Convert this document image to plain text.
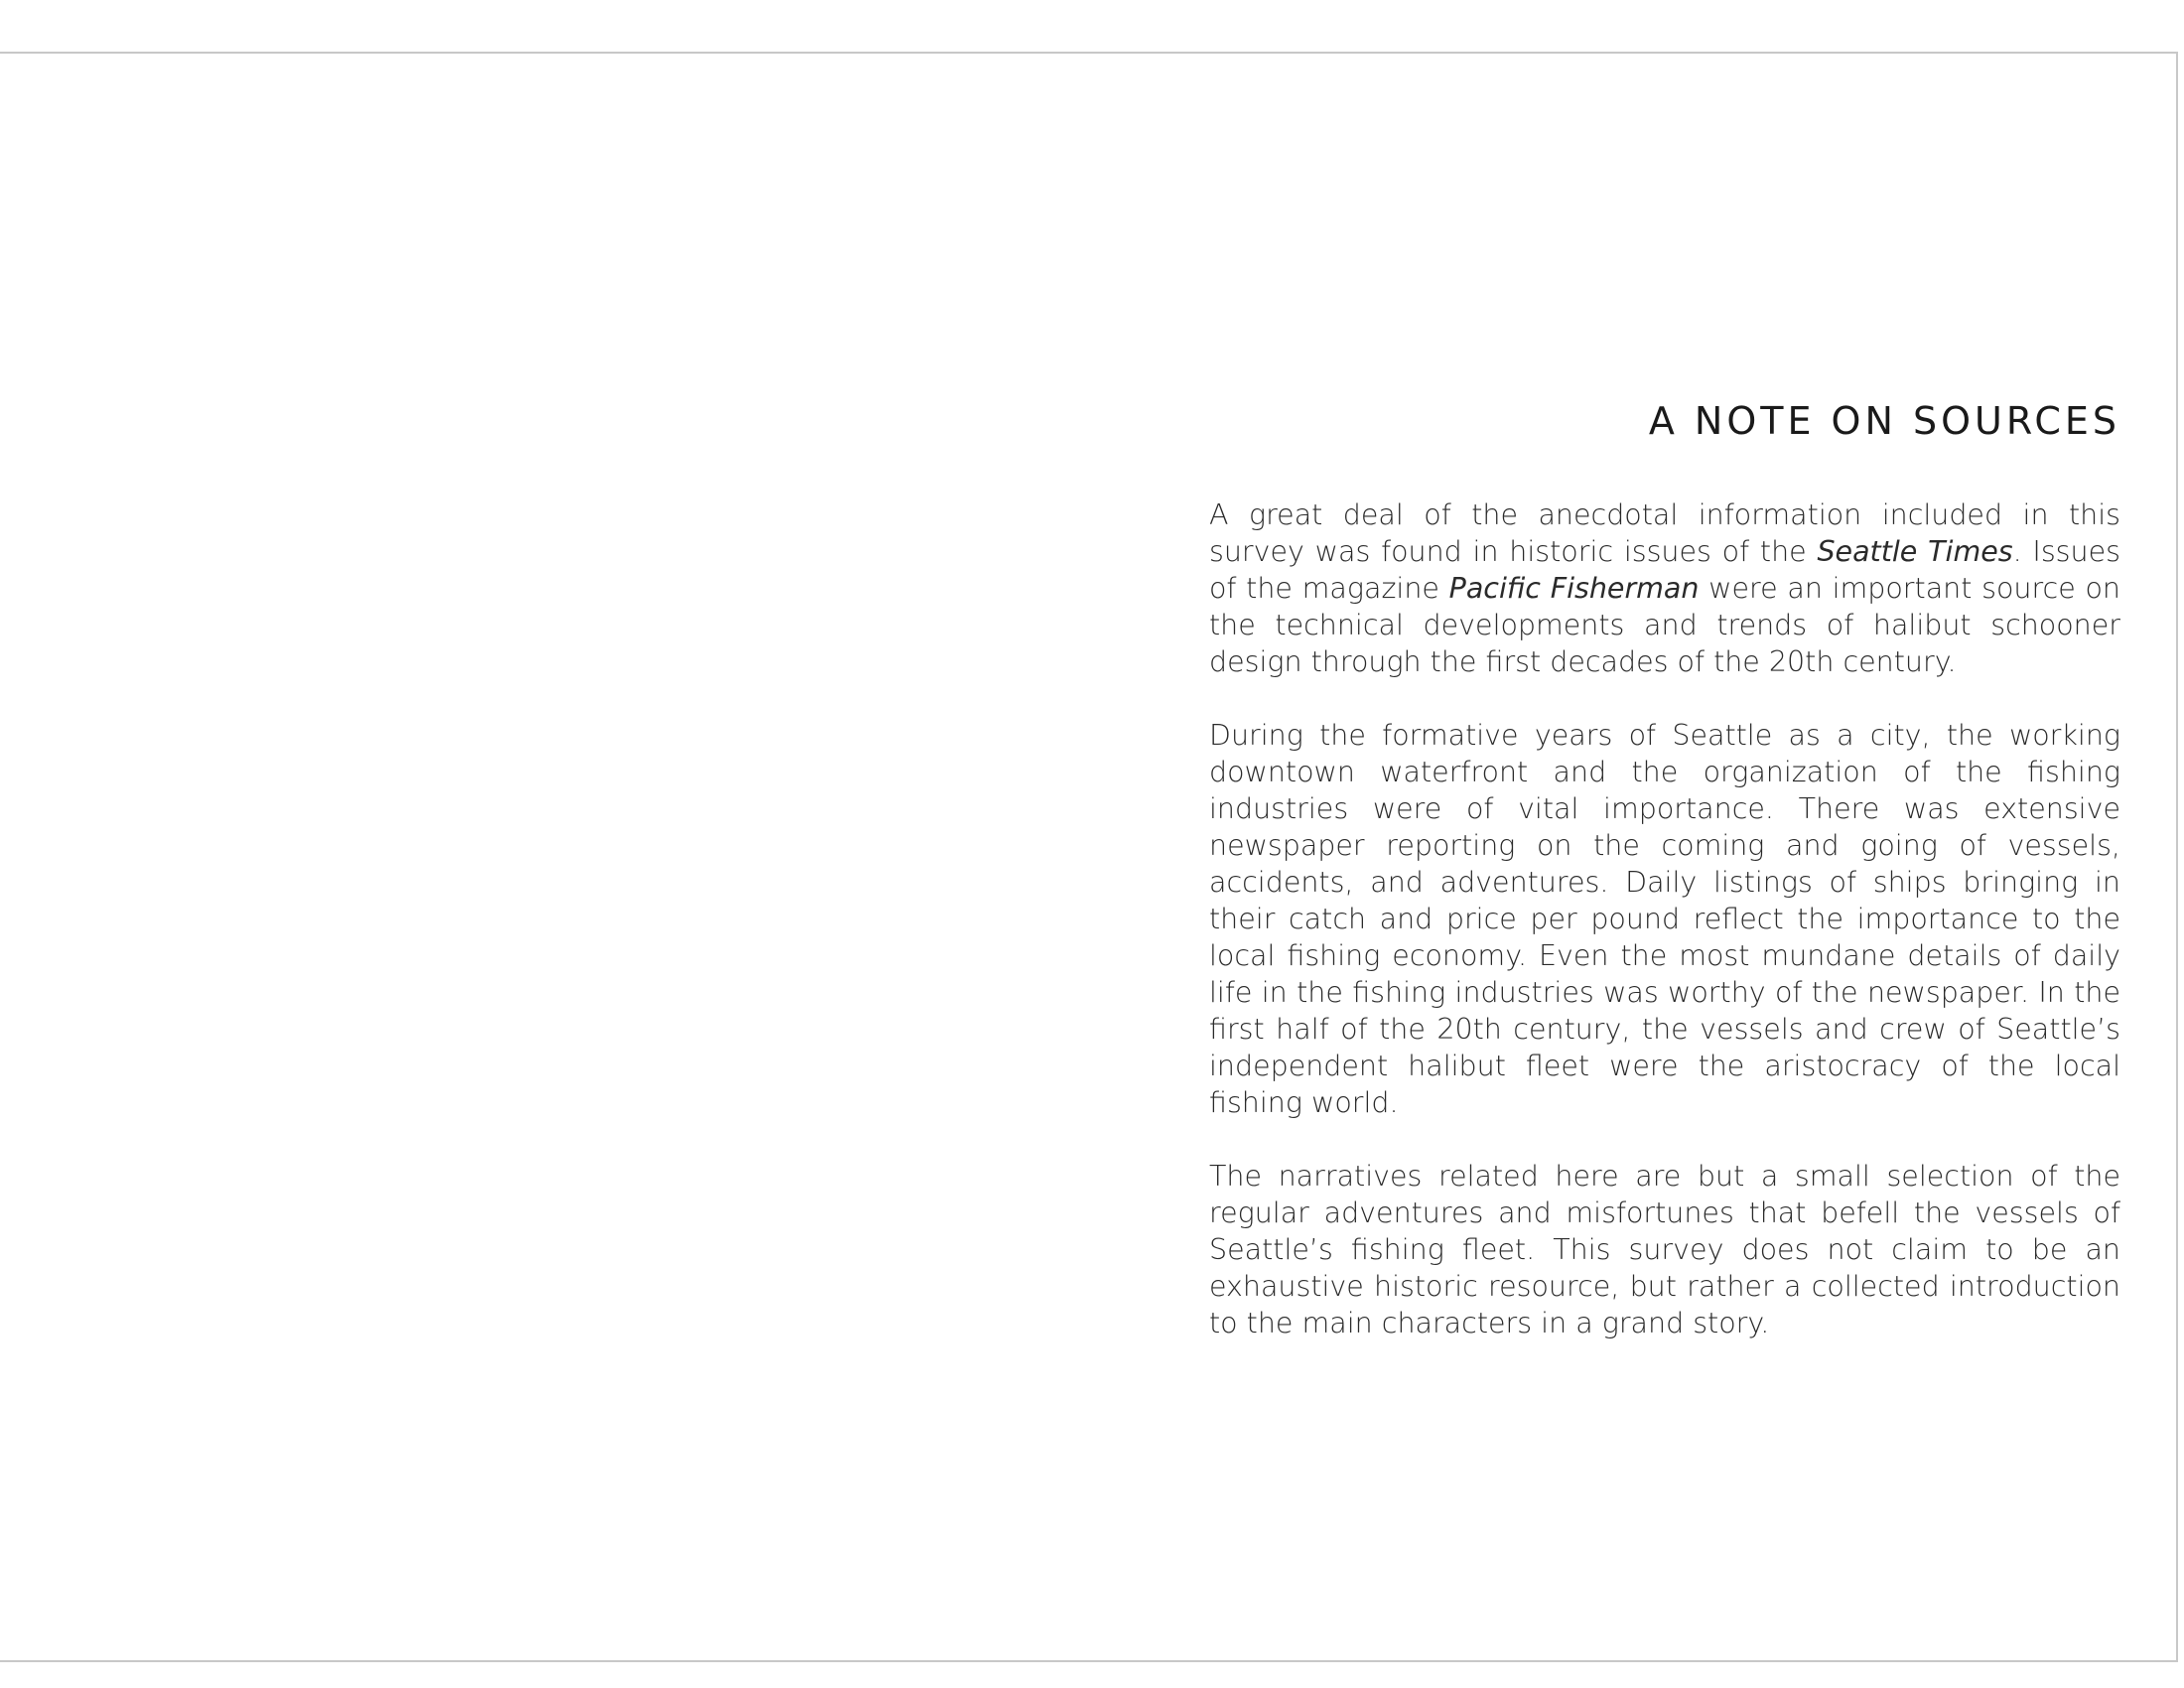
A NOTE ON SOURCES

A great deal of the anecdotal information included in this survey was found in historic issues of the Seattle Times. Issues of the magazine Pacific Fisherman were an important source on the technical developments and trends of halibut schooner design through the first decades of the 20th century.

During the formative years of Seattle as a city, the working downtown waterfront and the organization of the fishing industries were of vital importance. There was extensive newspaper reporting on the coming and going of vessels, accidents, and adventures. Daily listings of ships bringing in their catch and price per pound reflect the importance to the local fishing economy. Even the most mundane details of daily life in the fishing industries was worthy of the newspaper. In the first half of the 20th century, the vessels and crew of Seattle’s independent halibut fleet were the aristocracy of the local fishing world.

The narratives related here are but a small selection of the regular adventures and misfortunes that befell the vessels of Seattle’s fishing fleet. This survey does not claim to be an exhaustive historic resource, but rather a collected introduction to the main characters in a grand story.
